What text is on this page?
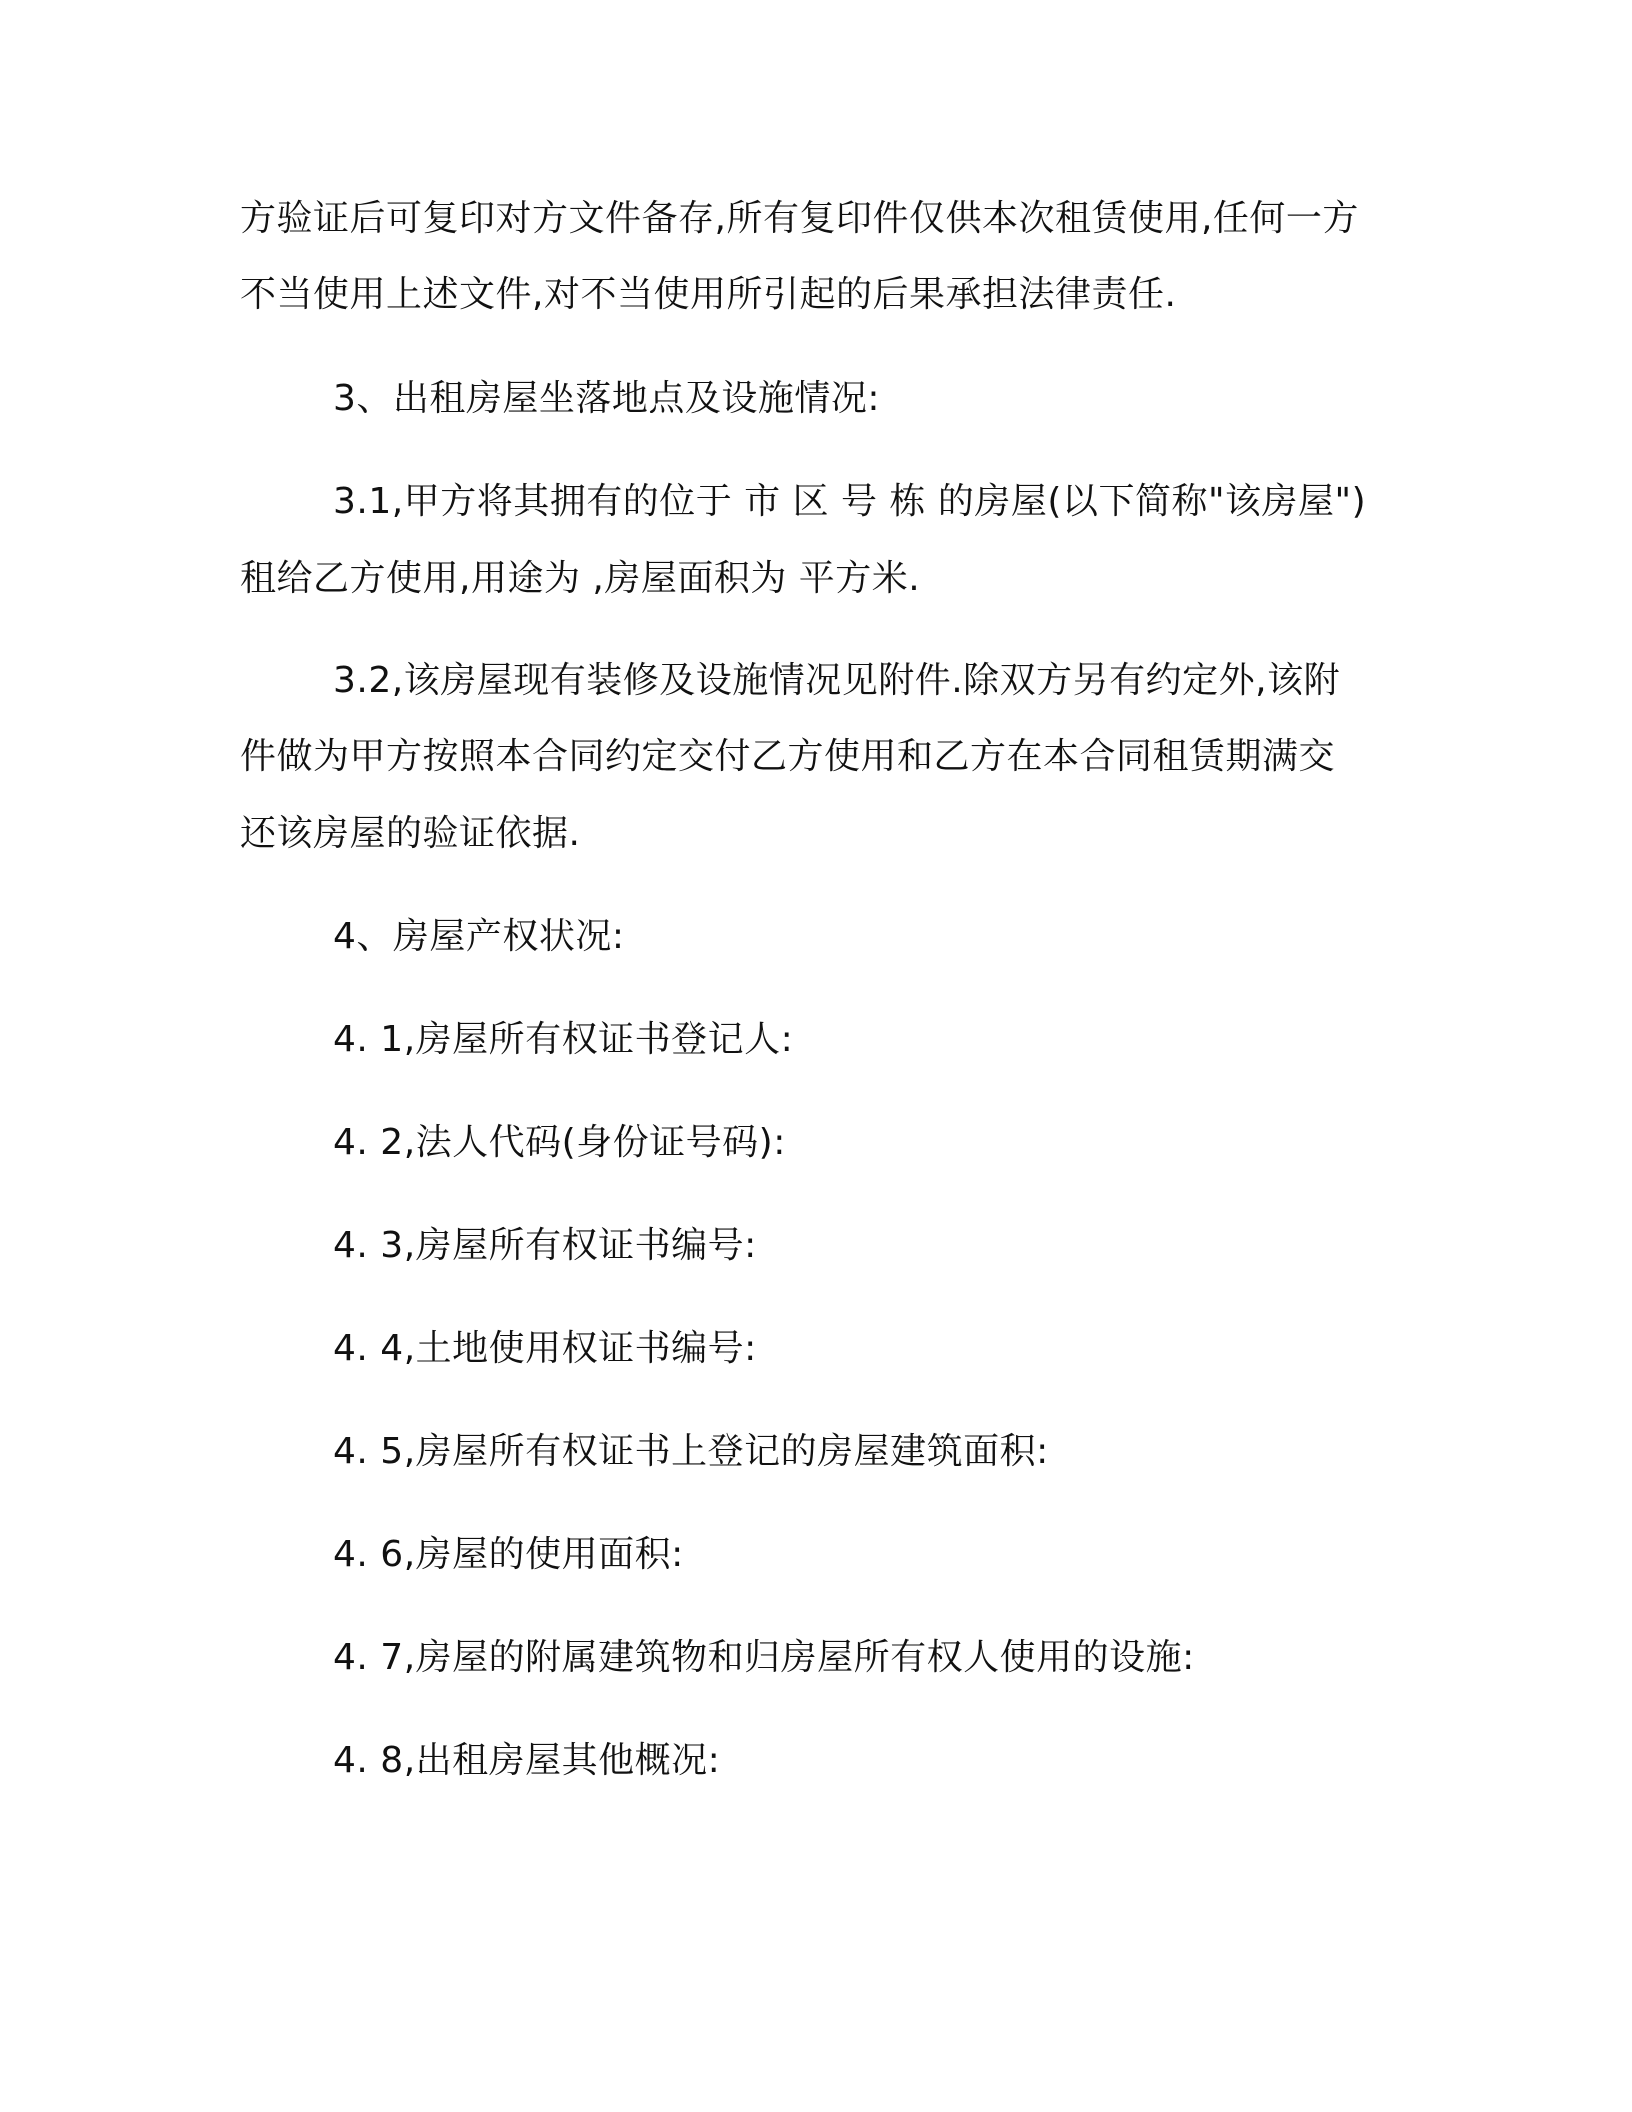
方验证后可复印对方文件备存,所有复印件仅供本次租赁使用,任何一方
不当使用上述文件,对不当使用所引起的后果承担法律责任.
3、出租房屋坐落地点及设施情况:
3.1,甲方将其拥有的位于 市 区 号 栋 的房屋(以下简称"该房屋")
租给乙方使用,用途为 ,房屋面积为 平方米.
3.2,该房屋现有装修及设施情况见附件.除双方另有约定外,该附
件做为甲方按照本合同约定交付乙方使用和乙方在本合同租赁期满交
还该房屋的验证依据.
4、房屋产权状况:
4. 1,房屋所有权证书登记人:
4. 2,法人代码(身份证号码):
4. 3,房屋所有权证书编号:
4. 4,土地使用权证书编号:
4. 5,房屋所有权证书上登记的房屋建筑面积:
4. 6,房屋的使用面积:
4. 7,房屋的附属建筑物和归房屋所有权人使用的设施:
4. 8,出租房屋其他概况:
